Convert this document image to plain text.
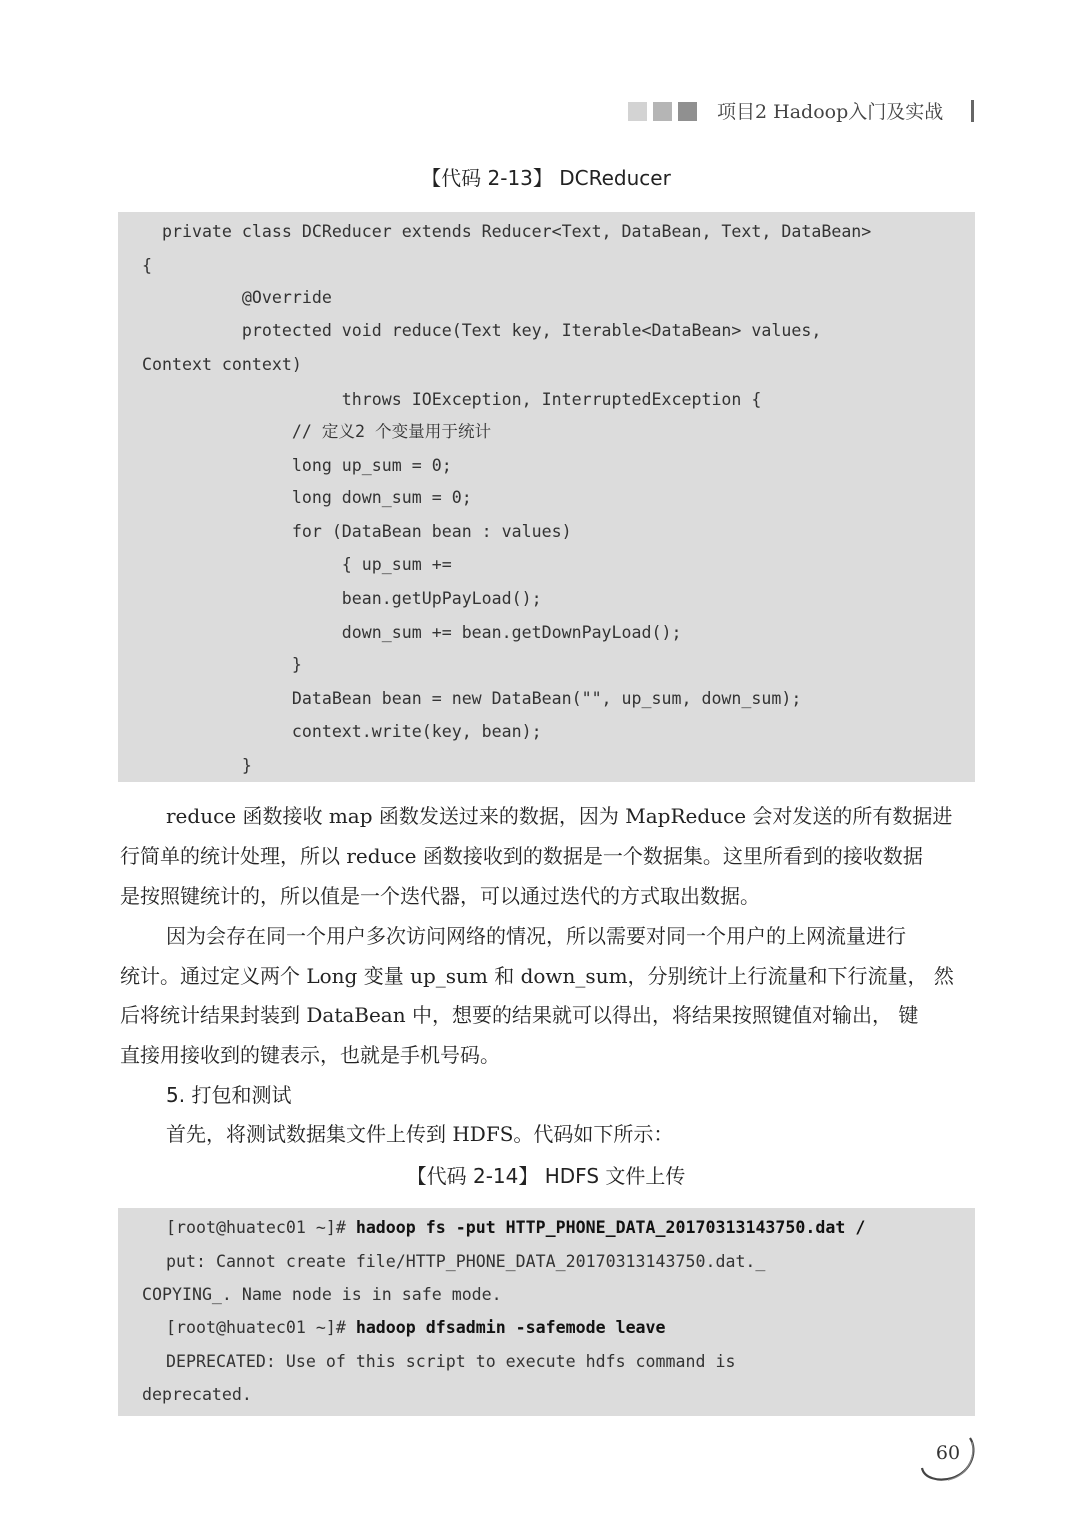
项目2 Hadoop入门及实战
【代码 2-13】 DCReducer
private class DCReducer extends Reducer<Text, DataBean, Text, DataBean>
{
@Override
protected void reduce(Text key, Iterable<DataBean> values,
Context context)
throws IOException, InterruptedException {
// 定义2 个变量用于统计
long up_sum = 0;
long down_sum = 0;
for (DataBean bean : values)
{ up_sum +=
bean.getUpPayLoad();
down_sum += bean.getDownPayLoad();
}
DataBean bean = new DataBean("", up_sum, down_sum);
context.write(key, bean);
}
reduce 函数接收 map 函数发送过来的数据，因为 MapReduce 会对发送的所有数据进
行简单的统计处理，所以 reduce 函数接收到的数据是一个数据集。这里所看到的接收数据
是按照键统计的，所以值是一个迭代器，可以通过迭代的方式取出数据。
因为会存在同一个用户多次访问网络的情况，所以需要对同一个用户的上网流量进行
统计。通过定义两个 Long 变量 up_sum 和 down_sum，分别统计上行流量和下行流量， 然
后将统计结果封装到 DataBean 中，想要的结果就可以得出，将结果按照键值对输出， 键
直接用接收到的键表示，也就是手机号码。
5. 打包和测试
首先，将测试数据集文件上传到 HDFS。代码如下所示：
【代码 2-14】 HDFS 文件上传
[root@huatec01 ~]# hadoop fs -put HTTP_PHONE_DATA_20170313143750.dat /
put: Cannot create file/HTTP_PHONE_DATA_20170313143750.dat._
COPYING_. Name node is in safe mode.
[root@huatec01 ~]# hadoop dfsadmin -safemode leave
DEPRECATED: Use of this script to execute hdfs command is
deprecated.
60
